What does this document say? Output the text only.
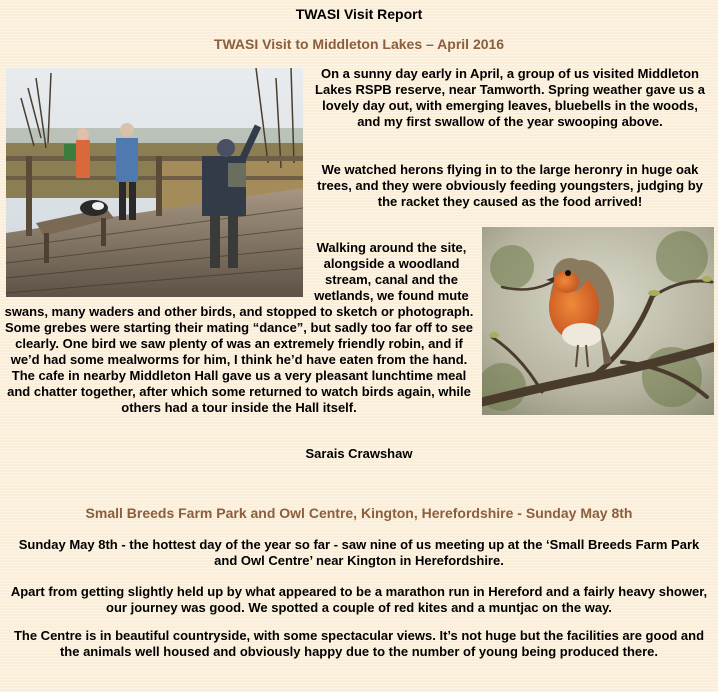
TWASI Visit Report
TWASI Visit to Middleton Lakes – April 2016
On a sunny day early in April, a group of us visited Middleton Lakes RSPB reserve, near Tamworth. Spring weather gave us a lovely day out, with emerging leaves, bluebells in the woods, and my first swallow of the year swooping above.
We watched herons flying in to the large heronry in huge oak trees, and they were obviously feeding youngsters, judging by the racket they caused as the food arrived!

Walking around the site, alongside a woodland stream, canal and the wetlands, we found mute swans, many waders and other birds, and stopped to sketch or photograph. Some grebes were starting their mating “dance”, but sadly too far off to see clearly. One bird we saw plenty of was an extremely friendly robin, and if we’d had some mealworms for him, I think he’d have eaten from the hand.

The cafe in nearby Middleton Hall gave us a very pleasant lunchtime meal and chatter together, after which some returned to watch birds again, while others had a tour inside the Hall itself.

Sarais Crawshaw
Small Breeds Farm Park and Owl Centre, Kington, Herefordshire - Sunday May 8th
Sunday May 8th - the hottest day of the year so far - saw nine of us meeting up at the ‘Small Breeds Farm Park and Owl Centre’ near Kington in Herefordshire.
Apart from getting slightly held up by what appeared to be a marathon run in Hereford and a fairly heavy shower, our journey was good. We spotted a couple of red kites and a muntjac on the way.
The Centre is in beautiful countryside, with some spectacular views. It’s not huge but the facilities are good and the animals well housed and obviously happy due to the number of young being produced there.
